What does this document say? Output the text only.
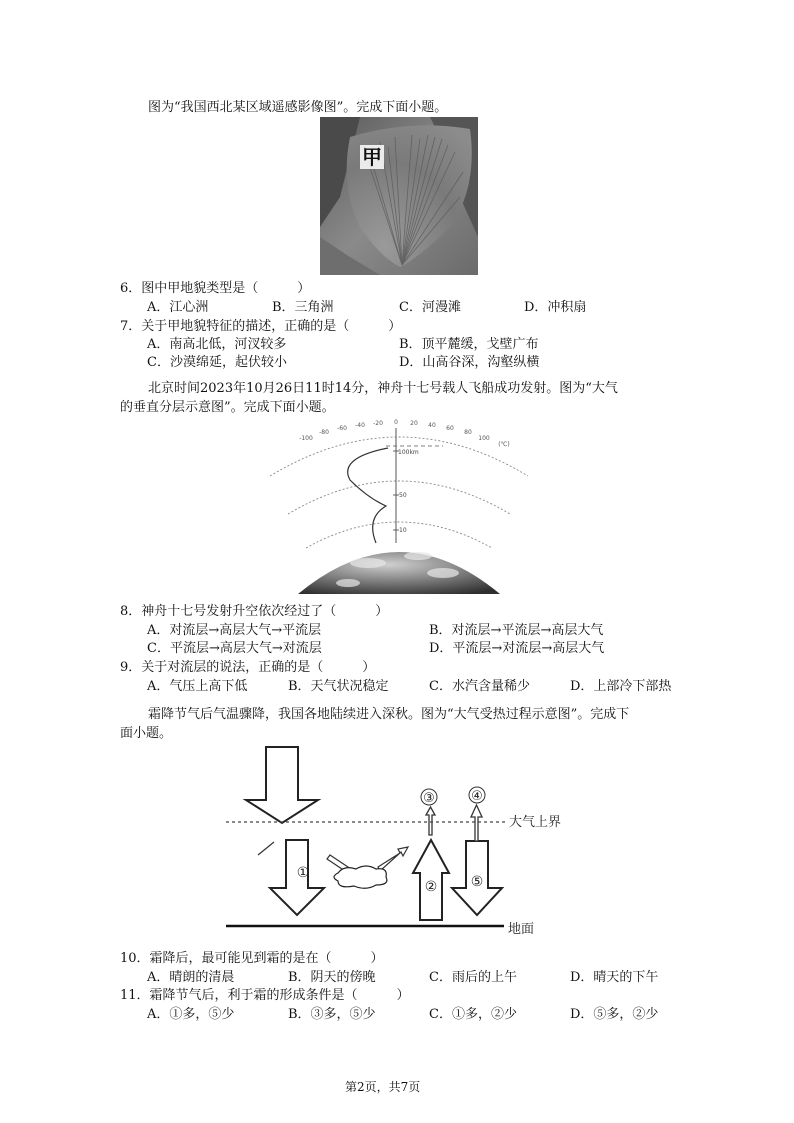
图为“我国西北某区域遥感影像图”。完成下面小题。
甲
6．图中甲地貌类型是（　　　）
A．江心洲	B．三角洲	C．河漫滩	D．冲积扇
7．关于甲地貌特征的描述，正确的是（　　　）
A．南高北低，河汊较多	B．顶平麓缓，戈壁广布
C．沙漠绵延，起伏较小	D．山高谷深，沟壑纵横
北京时间2023年10月26日11时14分，神舟十七号载人飞船成功发射。图为“大气
的垂直分层示意图”。完成下面小题。
-100
-80
-60 -40 -20 0 20 40 60
80
100
(℃)
100km
50
10
8．神舟十七号发射升空依次经过了（　　　）
A．对流层→高层大气→平流层	B．对流层→平流层→高层大气
C．平流层→高层大气→对流层	D．平流层→对流层→高层大气
9．关于对流层的说法，正确的是（　　　）
A．气压上高下低	B．天气状况稳定	C．水汽含量稀少	D．上部冷下部热
霜降节气后气温骤降，我国各地陆续进入深秋。图为“大气受热过程示意图”。完成下
面小题。
③	④
①
② ⑤
大气上界
地面
10．霜降后，最可能见到霜的是在（　　　）
A．晴朗的清晨	B．阴天的傍晚	C．雨后的上午	D．晴天的下午
11．霜降节气后，利于霜的形成条件是（　　　）
A．①多，⑤少	B．③多，⑤少	C．①多，②少	D．⑤多，②少
第2页，共7页
